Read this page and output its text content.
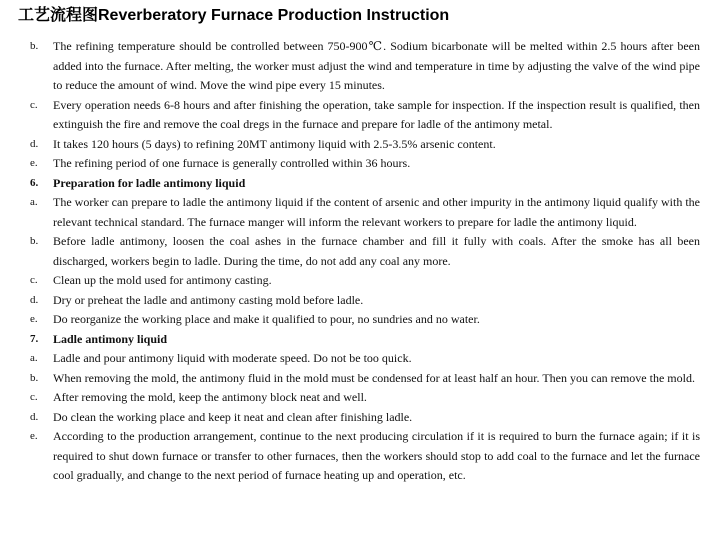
工艺流程图Reverberatory Furnace Production Instruction
b.	The refining temperature should be controlled between 750-900℃. Sodium bicarbonate will be melted within 2.5 hours after been added into the furnace. After melting, the worker must adjust the wind and temperature in time by adjusting the valve of the wind pipe to reduce the amount of wind. Move the wind pipe every 15 minutes.
c.	Every operation needs 6-8 hours and after finishing the operation, take sample for inspection. If the inspection result is qualified, then extinguish the fire and remove the coal dregs in the furnace and prepare for ladle of the antimony metal.
d.	It takes 120 hours (5 days) to refining 20MT antimony liquid with 2.5-3.5% arsenic content.
e.	The refining period of one furnace is generally controlled within 36 hours.
6.	Preparation for ladle antimony liquid
a.	The worker can prepare to ladle the antimony liquid if the content of arsenic and other impurity in the antimony liquid qualify with the relevant technical standard. The furnace manger will inform the relevant workers to prepare for ladle the antimony liquid.
b.	Before ladle antimony, loosen the coal ashes in the furnace chamber and fill it fully with coals. After the smoke has all been discharged, workers begin to ladle. During the time, do not add any coal any more.
c.	Clean up the mold used for antimony casting.
d.	Dry or preheat the ladle and antimony casting mold before ladle.
e.	Do reorganize the working place and make it qualified to pour, no sundries and no water.
7.	Ladle antimony liquid
a.	Ladle and pour antimony liquid with moderate speed. Do not be too quick.
b.	When removing the mold, the antimony fluid in the mold must be condensed for at least half an hour. Then you can remove the mold.
c.	After removing the mold, keep the antimony block neat and well.
d.	Do clean the working place and keep it neat and clean after finishing ladle.
e.	According to the production arrangement, continue to the next producing circulation if it is required to burn the furnace again; if it is required to shut down furnace or transfer to other furnaces, then the workers should stop to add coal to the furnace and let the furnace cool gradually, and change to the next period of furnace heating up and operation, etc.
